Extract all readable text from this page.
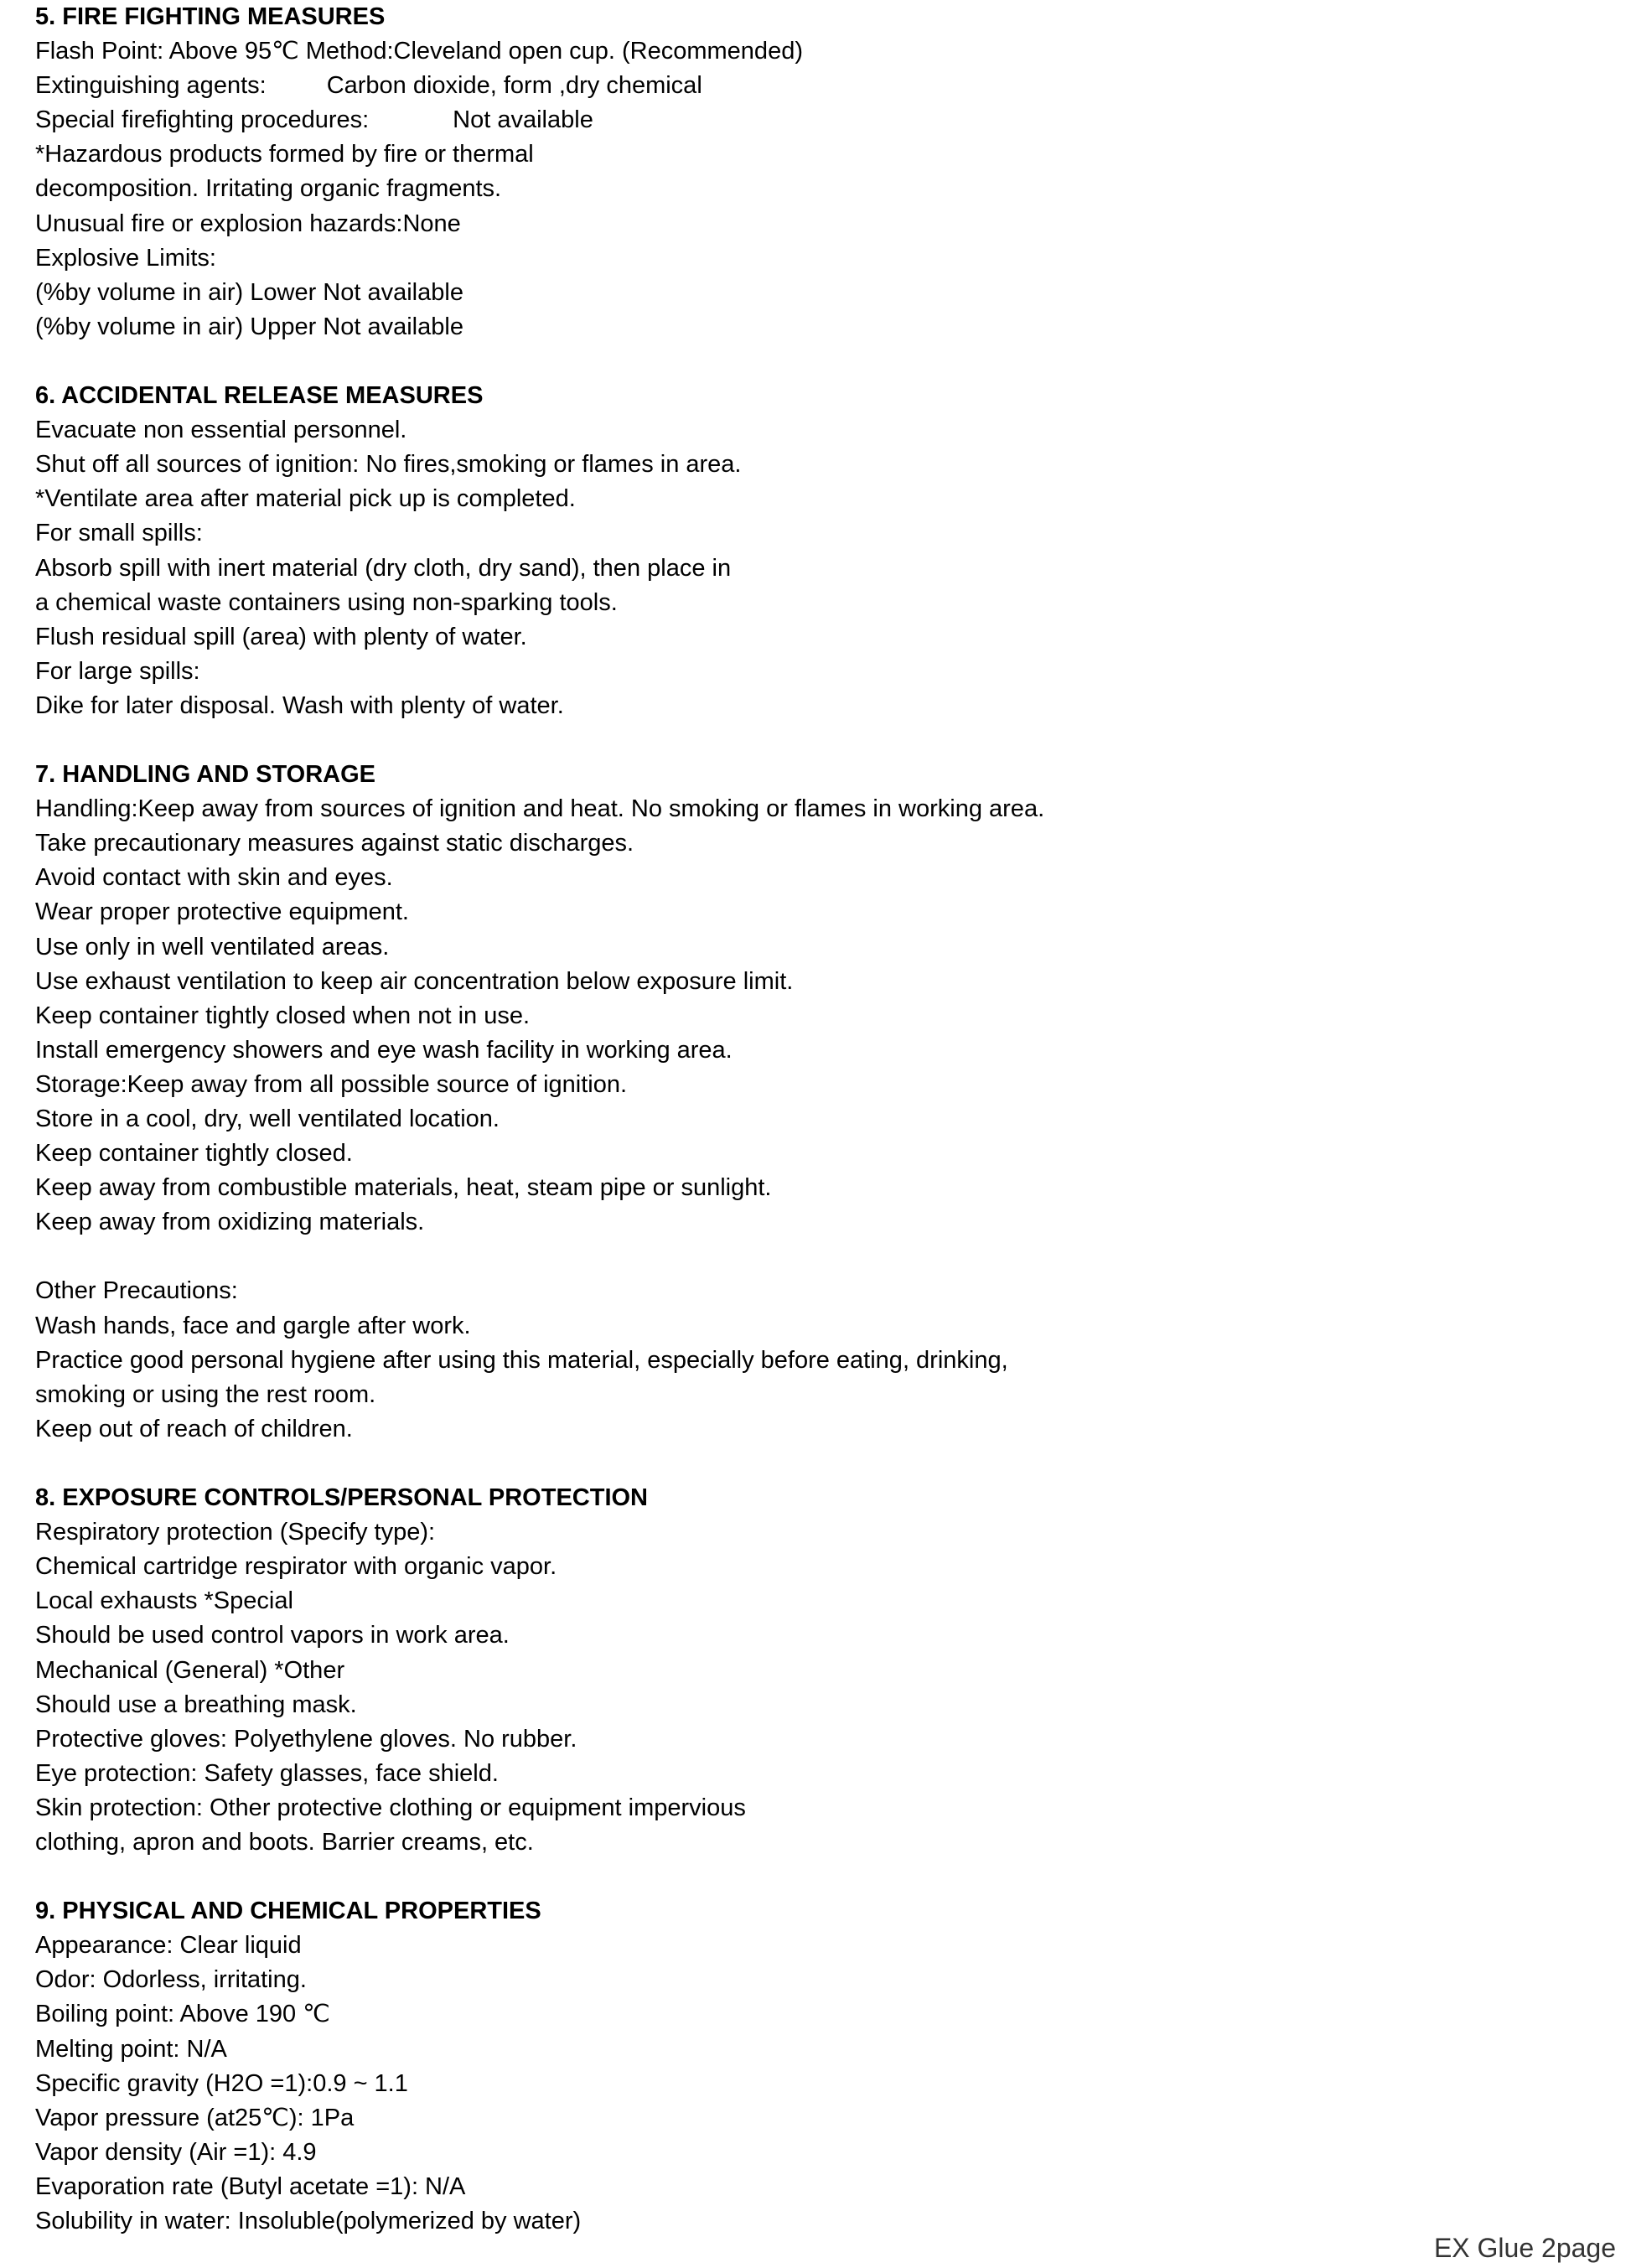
5. FIRE FIGHTING MEASURES
Flash Point: Above 95℃ Method:Cleveland open cup. (Recommended)
Extinguishing agents: Carbon dioxide, form ,dry chemical
Special firefighting procedures:	Not available
*Hazardous products formed by fire or thermal
decomposition. Irritating organic fragments.
Unusual fire or explosion hazards:None
Explosive Limits:
(%by volume in air) Lower Not available
(%by volume in air) Upper Not available
6. ACCIDENTAL RELEASE MEASURES
Evacuate non essential personnel.
Shut off all sources of ignition: No fires,smoking or flames in area.
*Ventilate area after material pick up is completed.
For small spills:
Absorb spill with inert material (dry cloth, dry sand), then place in
a chemical waste containers using non-sparking tools.
Flush residual spill (area) with plenty of water.
For large spills:
Dike for later disposal. Wash with plenty of water.
7. HANDLING AND STORAGE
Handling:Keep away from sources of ignition and heat. No smoking or flames in working area.
Take precautionary measures against static discharges.
Avoid contact with skin and eyes.
Wear proper protective equipment.
Use only in well ventilated areas.
Use exhaust ventilation to keep air concentration below exposure limit.
Keep container tightly closed when not in use.
Install emergency showers and eye wash facility in working area.
Storage:Keep away from all possible source of ignition.
Store in a cool, dry, well ventilated location.
Keep container tightly closed.
Keep away from combustible materials, heat, steam pipe or sunlight.
Keep away from oxidizing materials.
Other Precautions:
Wash hands, face and gargle after work.
Practice good personal hygiene after using this material, especially before eating, drinking,
smoking or using the rest room.
Keep out of reach of children.
8. EXPOSURE CONTROLS/PERSONAL PROTECTION
Respiratory protection (Specify type):
Chemical cartridge respirator with organic vapor.
Local exhausts *Special
Should be used control vapors in work area.
Mechanical (General) *Other
Should use a breathing mask.
Protective gloves: Polyethylene gloves. No rubber.
Eye protection: Safety glasses, face shield.
Skin protection: Other protective clothing or equipment impervious
clothing, apron and boots. Barrier creams, etc.
9. PHYSICAL AND CHEMICAL PROPERTIES
Appearance: Clear liquid
Odor: Odorless, irritating.
Boiling point: Above 190 ℃
Melting point: N/A
Specific gravity (H2O =1):0.9 ~ 1.1
Vapor pressure (at25℃): 1Pa
Vapor density (Air =1): 4.9
Evaporation rate (Butyl acetate =1): N/A
Solubility in water: Insoluble(polymerized by water)
EX Glue 2page
